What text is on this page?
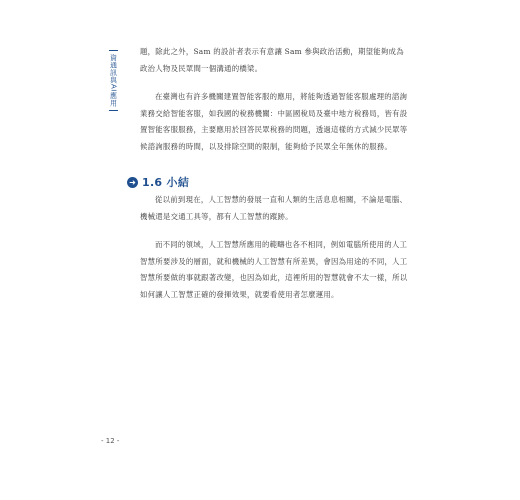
資通訊與AI應用

題，除此之外，Sam 的設計者表示有意讓 Sam 參與政治活動，期望能夠成為政治人物及民眾間一個溝通的橋梁。

在臺灣也有許多機關建置智能客服的應用，將能夠透過智能客服處理的諮詢業務交給智能客服，如我國的稅務機關：中區國稅局及臺中地方稅務局，皆有設置智能客服服務，主要應用於回答民眾稅務的問題，透過這樣的方式減少民眾等候諮詢服務的時間，以及排除空間的限制，能夠給予民眾全年無休的服務。

➜ 1.6 小結

從以前到現在，人工智慧的發展一直和人類的生活息息相關，不論是電腦、機械還是交通工具等，都有人工智慧的蹤跡。

而不同的領域，人工智慧所應用的範疇也各不相同，例如電腦所使用的人工智慧所要涉及的層面，就和機械的人工智慧有所差異，會因為用途的不同，人工智慧所要做的事就跟著改變，也因為如此，這裡所用的智慧就會不太一樣，所以如何讓人工智慧正確的發揮效果，就要看使用者怎麼運用。

- 12 -
